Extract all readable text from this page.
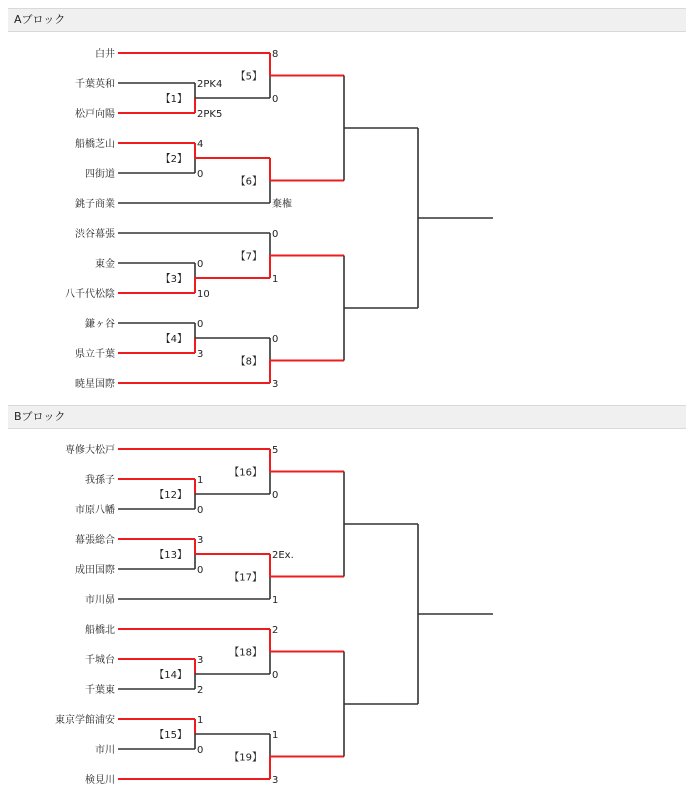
Aブロック
白井
千葉英和
松戸向陽
船橋芝山
四街道
銚子商業
渋谷幕張
東金
八千代松陰
鎌ヶ谷
県立千葉
暁星国際
【1】
2PK4
2PK5
【5】
8
0
【2】
4
0
【6】
棄権
【3】
0
10
【7】
0
1
【4】
0
3
【8】
0
3
Bブロック
専修大松戸
我孫子
市原八幡
幕張総合
成田国際
市川昴
船橋北
千城台
千葉東
東京学館浦安
市川
検見川
【12】
1
0
【16】
5
0
【13】
3
0
【17】
2Ex.
1
【14】
3
2
【18】
2
0
【15】
1
0
【19】
1
3
